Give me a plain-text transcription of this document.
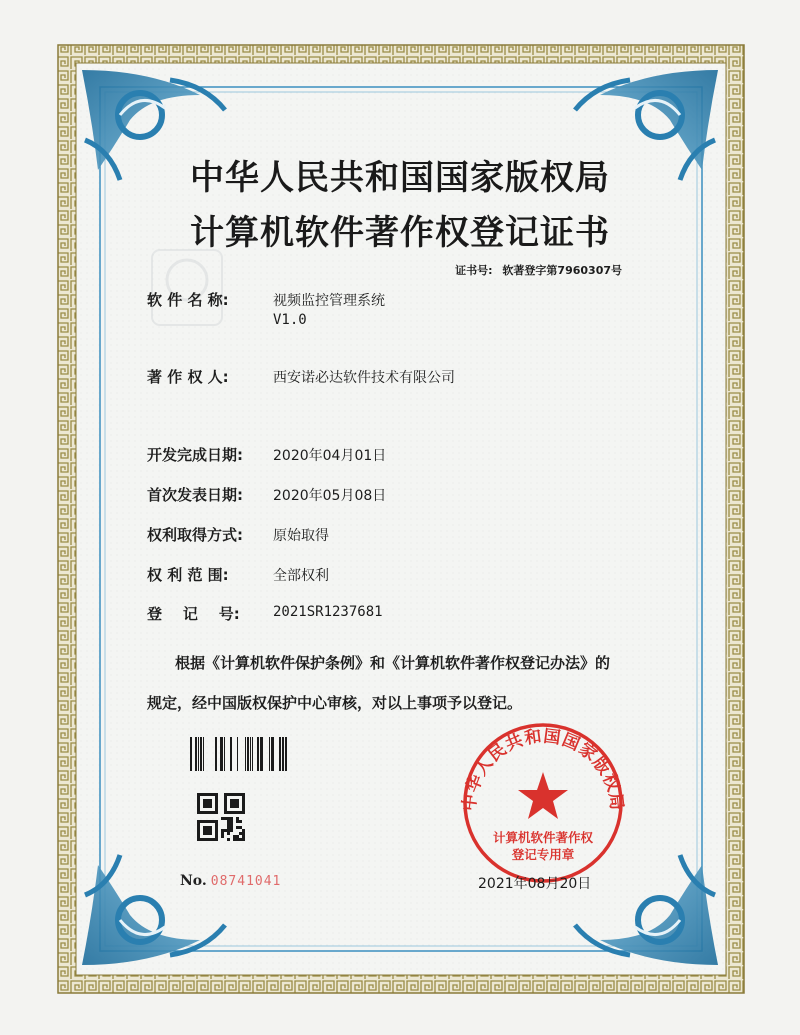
中华人民共和国国家版权局
计算机软件著作权
登记专用章
中华人民共和国国家版权局
计算机软件著作权登记证书
证书号: 软著登字第7960307号
软 件 名 称:	视频监控管理系统
V1.0
著 作 权 人:	西安诺必达软件技术有限公司
开发完成日期:	2020年04月01日
首次发表日期:	2020年05月08日
权利取得方式:	原始取得
权 利 范 围:	全部权利
登    记    号:	2021SR1237681
根据《计算机软件保护条例》和《计算机软件著作权登记办法》的
规定，经中国版权保护中心审核，对以上事项予以登记。
No. 08741041	2021年08月20日
